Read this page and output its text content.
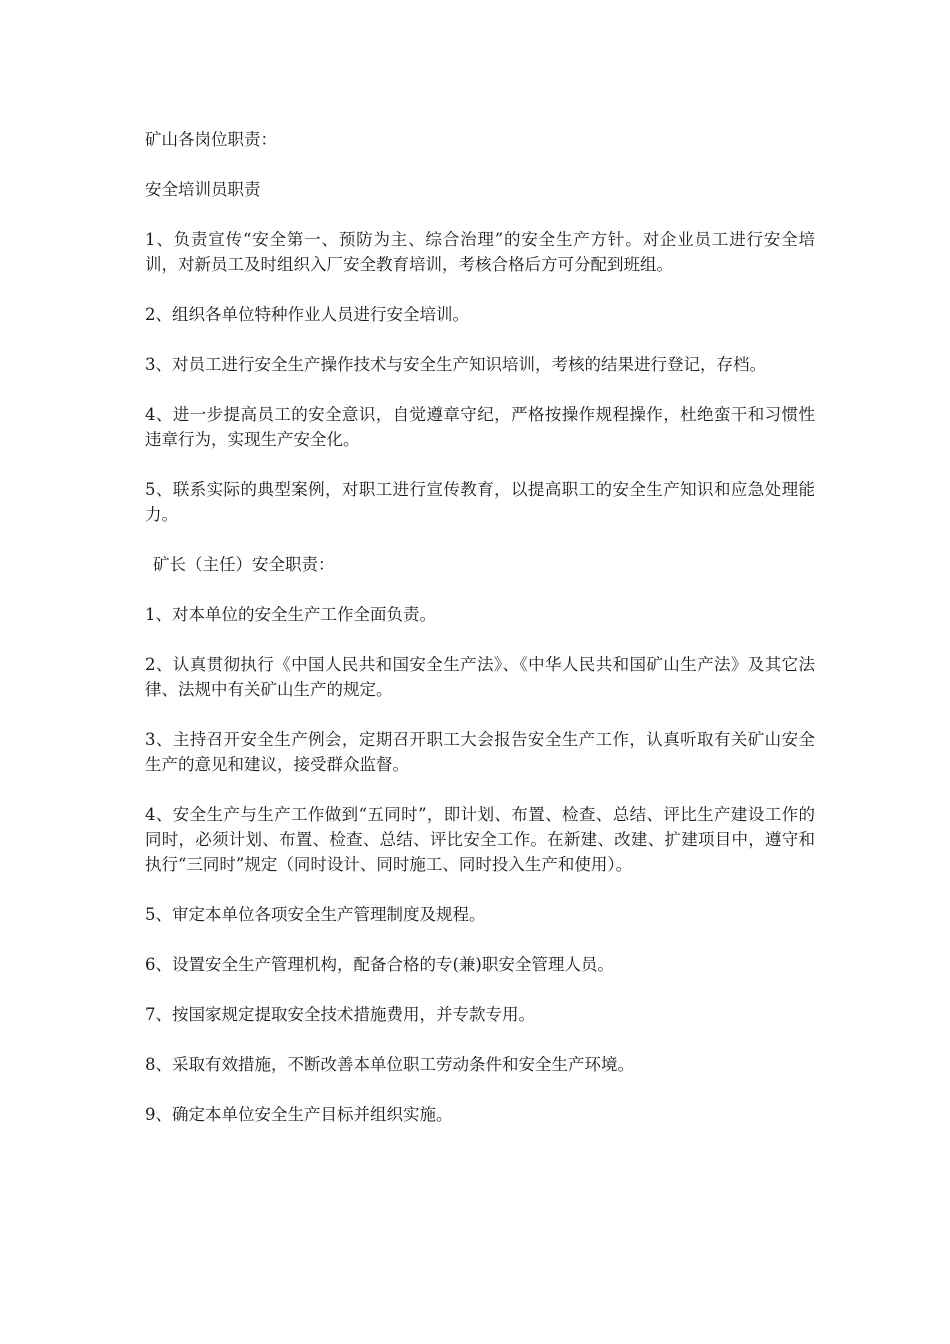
矿山各岗位职责：

安全培训员职责

1、负责宣传“安全第一、预防为主、综合治理”的安全生产方针。对企业员工进行安全培训，对新员工及时组织入厂安全教育培训，考核合格后方可分配到班组。

2、组织各单位特种作业人员进行安全培训。

3、对员工进行安全生产操作技术与安全生产知识培训，考核的结果进行登记，存档。

4、进一步提高员工的安全意识，自觉遵章守纪，严格按操作规程操作，杜绝蛮干和习惯性违章行为，实现生产安全化。

5、联系实际的典型案例，对职工进行宣传教育，以提高职工的安全生产知识和应急处理能力。

矿长（主任）安全职责：

1、对本单位的安全生产工作全面负责。

2、认真贯彻执行《中国人民共和国安全生产法》、《中华人民共和国矿山生产法》及其它法律、法规中有关矿山生产的规定。

3、主持召开安全生产例会，定期召开职工大会报告安全生产工作，认真听取有关矿山安全生产的意见和建议，接受群众监督。

4、安全生产与生产工作做到“五同时”，即计划、布置、检查、总结、评比生产建设工作的同时，必须计划、布置、检查、总结、评比安全工作。在新建、改建、扩建项目中，遵守和执行“三同时”规定（同时设计、同时施工、同时投入生产和使用）。

5、审定本单位各项安全生产管理制度及规程。

6、设置安全生产管理机构，配备合格的专(兼)职安全管理人员。

7、按国家规定提取安全技术措施费用，并专款专用。

8、采取有效措施，不断改善本单位职工劳动条件和安全生产环境。

9、确定本单位安全生产目标并组织实施。
